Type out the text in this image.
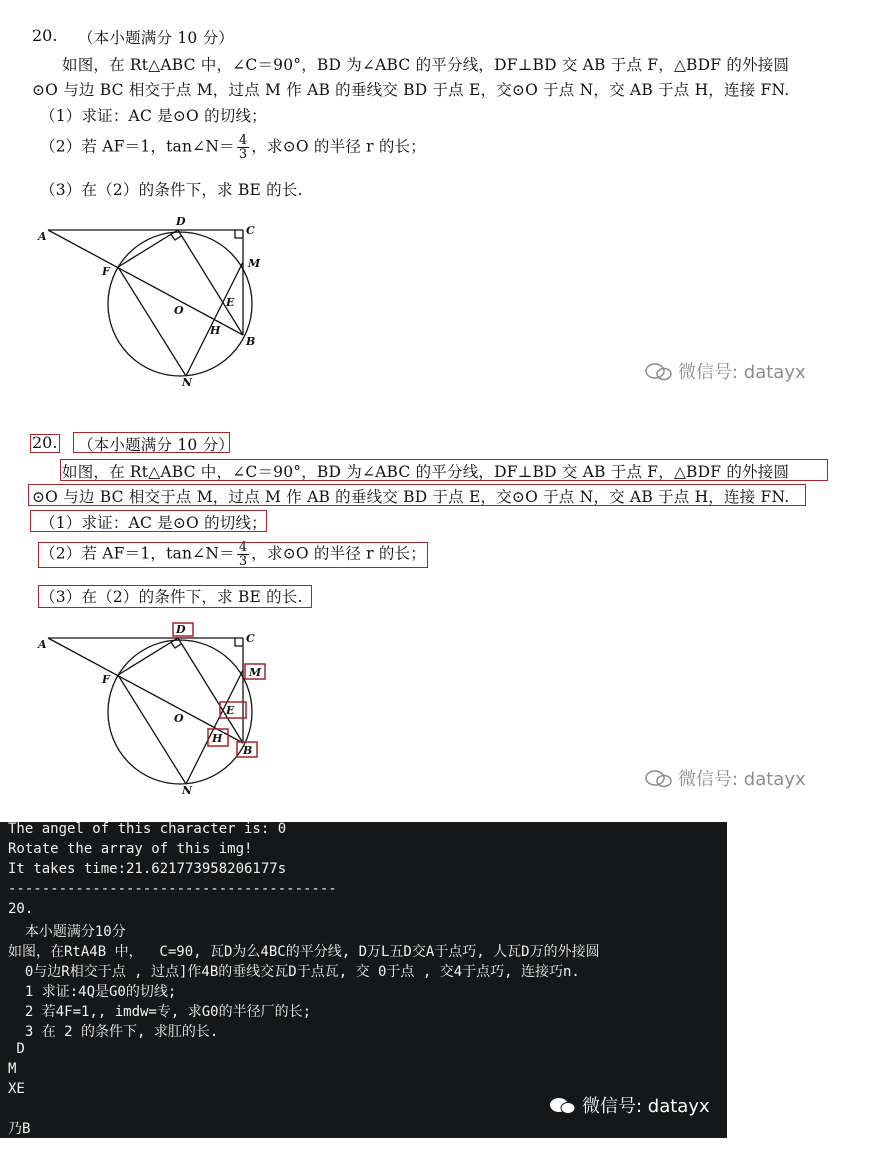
20. （本小题满分 10 分）
如图，在 Rt△ABC 中，∠C＝90°，BD 为∠ABC 的平分线，DF⊥BD 交 AB 于点 F，△BDF 的外接圆
⊙O 与边 BC 相交于点 M，过点 M 作 AB 的垂线交 BD 于点 E，交⊙O 于点 N，交 AB 于点 H，连接 FN.
（1）求证：AC 是⊙O 的切线；
（2）若 AF＝1，tan∠N＝ $\frac{4}{3}$ ，求⊙O 的半径 r 的长；
（3）在（2）的条件下，求 BE 的长.
A
D
C
M
F
O
E
H
B
N	微信号: datayx
20. （本小题满分 10 分）
如图，在 Rt△ABC 中，∠C＝90°，BD 为∠ABC 的平分线，DF⊥BD 交 AB 于点 F，△BDF 的外接圆
⊙O 与边 BC 相交于点 M，过点 M 作 AB 的垂线交 BD 于点 E，交⊙O 于点 N，交 AB 于点 H，连接 FN.
（1）求证：AC 是⊙O 的切线；
（2）若 AF＝1，tan∠N＝ $\frac{4}{3}$ ，求⊙O 的半径 r 的长；
（3）在（2）的条件下，求 BE 的长.
A
D
C
M
F
O
E
H
B
N
微信号: datayx
The angel of this character is: 0
Rotate the array of this img!
It takes time:21.621773958206177s
---------------------------------------
20.
本小题满分10分
如图，在RtA4B 中，  C=90, 瓦D为么4BC的平分线, D万L五D交A于点巧, 人瓦D万的外接圆
0与边R相交于点 , 过点]作4B的垂线交瓦D于点瓦, 交 0于点 , 交4于点巧, 连接巧n.
1 求证:4Q是G0的切线;
2 若4F=1,, imdw=专, 求G0的半径厂的长;
3 在 2 的条件下, 求肛的长.
D
M
XE
乃B
微信号: datayx
